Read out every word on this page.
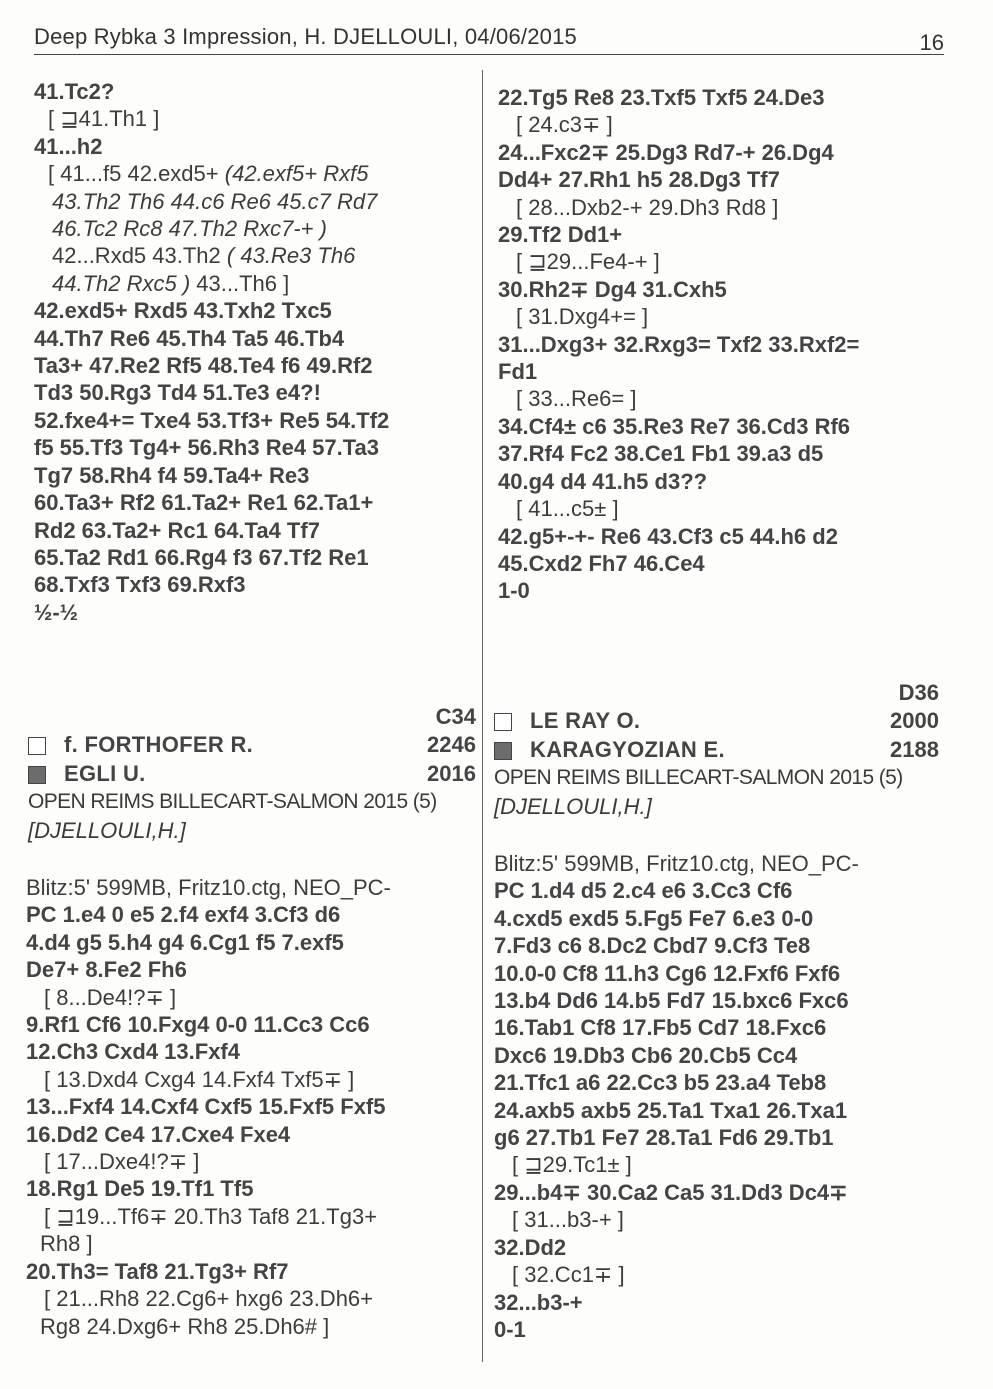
Deep Rybka 3 Impression, H. DJELLOULI, 04/06/2015	16
41.Tc2?
[ ⊒41.Th1 ]
41...h2
[ 41...f5 42.exd5+ (42.exf5+ Rxf5
43.Th2 Th6 44.c6 Re6 45.c7 Rd7
46.Tc2 Rc8 47.Th2 Rxc7-+ )
42...Rxd5 43.Th2 ( 43.Re3 Th6
44.Th2 Rxc5 ) 43...Th6 ]
42.exd5+ Rxd5 43.Txh2 Txc5
44.Th7 Re6 45.Th4 Ta5 46.Tb4
Ta3+ 47.Re2 Rf5 48.Te4 f6 49.Rf2
Td3 50.Rg3 Td4 51.Te3 e4?!
52.fxe4+= Txe4 53.Tf3+ Re5 54.Tf2
f5 55.Tf3 Tg4+ 56.Rh3 Re4 57.Ta3
Tg7 58.Rh4 f4 59.Ta4+ Re3
60.Ta3+ Rf2 61.Ta2+ Re1 62.Ta1+
Rd2 63.Ta2+ Rc1 64.Ta4 Tf7
65.Ta2 Rd1 66.Rg4 f3 67.Tf2 Re1
68.Txf3 Txf3 69.Rxf3
½-½
22.Tg5 Re8 23.Txf5 Txf5 24.De3
[ 24.c3∓ ]
24...Fxc2∓ 25.Dg3 Rd7-+ 26.Dg4
Dd4+ 27.Rh1 h5 28.Dg3 Tf7
[ 28...Dxb2-+ 29.Dh3 Rd8 ]
29.Tf2 Dd1+
[ ⊒29...Fe4-+ ]
30.Rh2∓ Dg4 31.Cxh5
[ 31.Dxg4+= ]
31...Dxg3+ 32.Rxg3= Txf2 33.Rxf2=
Fd1
[ 33...Re6= ]
34.Cf4± c6 35.Re3 Re7 36.Cd3 Rf6
37.Rf4 Fc2 38.Ce1 Fb1 39.a3 d5
40.g4 d4 41.h5 d3??
[ 41...c5± ]
42.g5+-+- Re6 43.Cf3 c5 44.h6 d2
45.Cxd2 Fh7 46.Ce4
1-0
C34
f. FORTHOFER R.	2246
EGLI U.	2016
OPEN REIMS BILLECART-SALMON 2015 (5)
[DJELLOULI,H.]
Blitz:5' 599MB, Fritz10.ctg, NEO_PC-
PC 1.e4 0 e5 2.f4 exf4 3.Cf3 d6
4.d4 g5 5.h4 g4 6.Cg1 f5 7.exf5
De7+ 8.Fe2 Fh6
[ 8...De4!?∓ ]
9.Rf1 Cf6 10.Fxg4 0-0 11.Cc3 Cc6
12.Ch3 Cxd4 13.Fxf4
[ 13.Dxd4 Cxg4 14.Fxf4 Txf5∓ ]
13...Fxf4 14.Cxf4 Cxf5 15.Fxf5 Fxf5
16.Dd2 Ce4 17.Cxe4 Fxe4
[ 17...Dxe4!?∓ ]
18.Rg1 De5 19.Tf1 Tf5
[ ⊒19...Tf6∓ 20.Th3 Taf8 21.Tg3+
Rh8 ]
20.Th3= Taf8 21.Tg3+ Rf7
[ 21...Rh8 22.Cg6+ hxg6 23.Dh6+
Rg8 24.Dxg6+ Rh8 25.Dh6# ]
D36
LE RAY O.	2000
KARAGYOZIAN E.	2188
OPEN REIMS BILLECART-SALMON 2015 (5)
[DJELLOULI,H.]
Blitz:5' 599MB, Fritz10.ctg, NEO_PC-
PC 1.d4 d5 2.c4 e6 3.Cc3 Cf6
4.cxd5 exd5 5.Fg5 Fe7 6.e3 0-0
7.Fd3 c6 8.Dc2 Cbd7 9.Cf3 Te8
10.0-0 Cf8 11.h3 Cg6 12.Fxf6 Fxf6
13.b4 Dd6 14.b5 Fd7 15.bxc6 Fxc6
16.Tab1 Cf8 17.Fb5 Cd7 18.Fxc6
Dxc6 19.Db3 Cb6 20.Cb5 Cc4
21.Tfc1 a6 22.Cc3 b5 23.a4 Teb8
24.axb5 axb5 25.Ta1 Txa1 26.Txa1
g6 27.Tb1 Fe7 28.Ta1 Fd6 29.Tb1
[ ⊒29.Tc1± ]
29...b4∓ 30.Ca2 Ca5 31.Dd3 Dc4∓
[ 31...b3-+ ]
32.Dd2
[ 32.Cc1∓ ]
32...b3-+
0-1
